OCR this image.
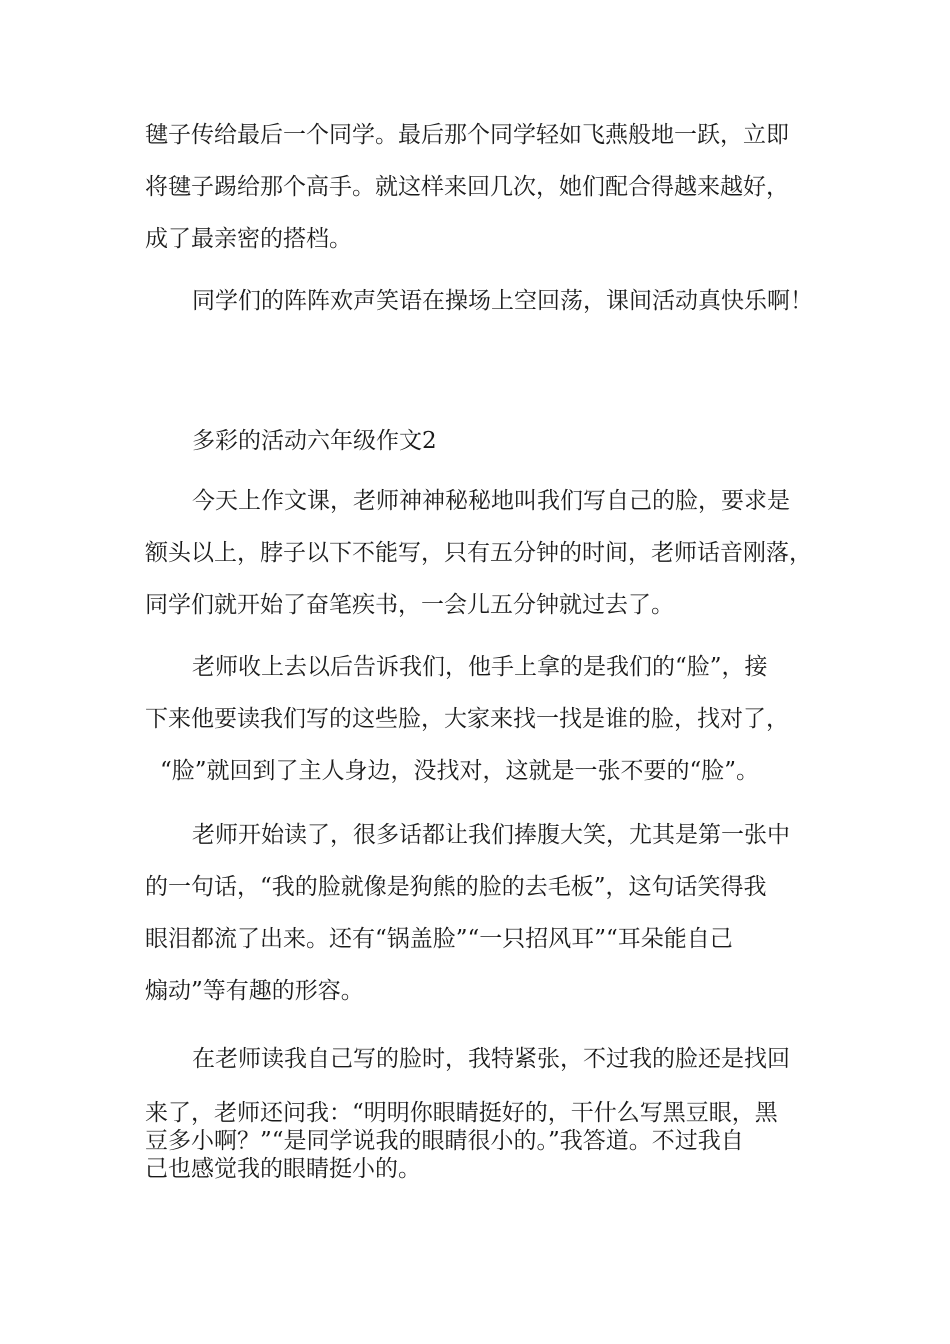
毽子传给最后一个同学。最后那个同学轻如飞燕般地一跃，立即

将毽子踢给那个高手。就这样来回几次，她们配合得越来越好，

成了最亲密的搭档。

同学们的阵阵欢声笑语在操场上空回荡，课间活动真快乐啊！

多彩的活动六年级作文2

今天上作文课，老师神神秘秘地叫我们写自己的脸，要求是

额头以上，脖子以下不能写，只有五分钟的时间，老师话音刚落，

同学们就开始了奋笔疾书，一会儿五分钟就过去了。

老师收上去以后告诉我们，他手上拿的是我们的“脸”，接

下来他要读我们写的这些脸，大家来找一找是谁的脸，找对了，

“脸”就回到了主人身边，没找对，这就是一张不要的“脸”。

老师开始读了，很多话都让我们捧腹大笑，尤其是第一张中

的一句话，“我的脸就像是狗熊的脸的去毛板”，这句话笑得我

眼泪都流了出来。还有“锅盖脸”“一只招风耳”“耳朵能自己

煽动”等有趣的形容。

在老师读我自己写的脸时，我特紧张，不过我的脸还是找回

来了，老师还问我：“明明你眼睛挺好的，干什么写黑豆眼，黑

豆多小啊？”“是同学说我的眼睛很小的。”我答道。不过我自

己也感觉我的眼睛挺小的。
